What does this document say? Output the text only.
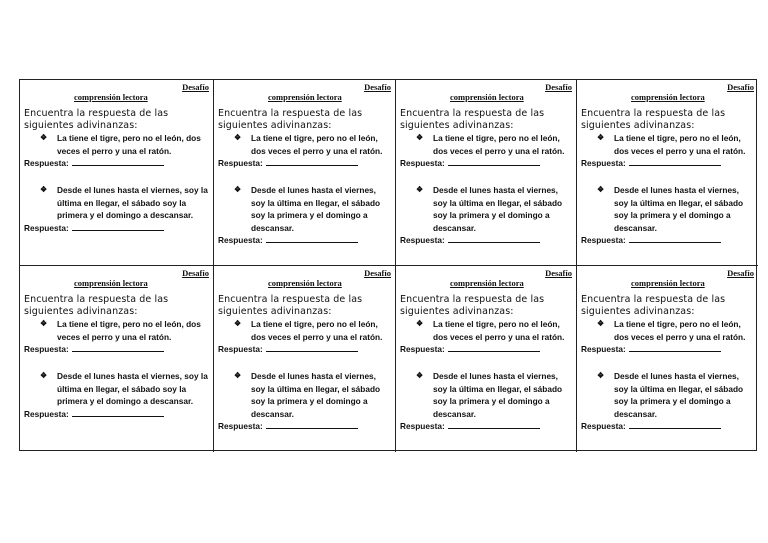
Desafío
comprensión lectora
Encuentra la respuesta de las siguientes adivinanzas:
❖	La tiene el tigre, pero no el león, dos veces el perro y una el ratón.
Respuesta:
❖	Desde el lunes hasta el viernes, soy la última en llegar, el sábado soy la primera y el domingo a descansar.
Respuesta:
Desafío
comprensión lectora
Encuentra la respuesta de las siguientes adivinanzas:
❖	La tiene el tigre, pero no el león, dos veces el perro y una el ratón.
Respuesta:
❖	Desde el lunes hasta el viernes, soy la última en llegar, el sábado soy la primera y el domingo a descansar.
Respuesta:
Desafío
comprensión lectora
Encuentra la respuesta de las siguientes adivinanzas:
❖	La tiene el tigre, pero no el león, dos veces el perro y una el ratón.
Respuesta:
❖	Desde el lunes hasta el viernes, soy la última en llegar, el sábado soy la primera y el domingo a descansar.
Respuesta:
Desafío
comprensión lectora
Encuentra la respuesta de las siguientes adivinanzas:
❖	La tiene el tigre, pero no el león, dos veces el perro y una el ratón.
Respuesta:
❖	Desde el lunes hasta el viernes, soy la última en llegar, el sábado soy la primera y el domingo a descansar.
Respuesta:
Desafío
comprensión lectora
Encuentra la respuesta de las siguientes adivinanzas:
❖	La tiene el tigre, pero no el león, dos veces el perro y una el ratón.
Respuesta:
❖	Desde el lunes hasta el viernes, soy la última en llegar, el sábado soy la primera y el domingo a descansar.
Respuesta:
Desafío
comprensión lectora
Encuentra la respuesta de las siguientes adivinanzas:
❖	La tiene el tigre, pero no el león, dos veces el perro y una el ratón.
Respuesta:
❖	Desde el lunes hasta el viernes, soy la última en llegar, el sábado soy la primera y el domingo a descansar.
Respuesta:
Desafío
comprensión lectora
Encuentra la respuesta de las siguientes adivinanzas:
❖	La tiene el tigre, pero no el león, dos veces el perro y una el ratón.
Respuesta:
❖	Desde el lunes hasta el viernes, soy la última en llegar, el sábado soy la primera y el domingo a descansar.
Respuesta:
Desafío
comprensión lectora
Encuentra la respuesta de las siguientes adivinanzas:
❖	La tiene el tigre, pero no el león, dos veces el perro y una el ratón.
Respuesta:
❖	Desde el lunes hasta el viernes, soy la última en llegar, el sábado soy la primera y el domingo a descansar.
Respuesta:
